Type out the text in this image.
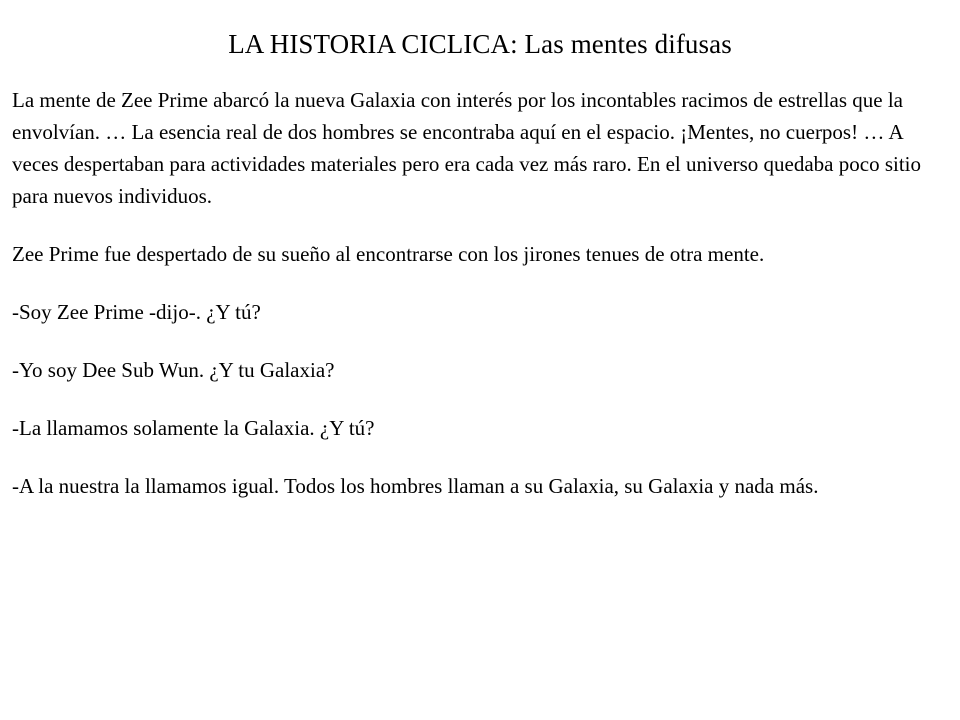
LA HISTORIA CICLICA: Las mentes difusas

La mente de Zee Prime abarcó la nueva Galaxia con interés por los incontables racimos de estrellas que la envolvían. … La esencia real de dos hombres se encontraba aquí en el espacio. ¡Mentes, no cuerpos! … A veces despertaban para actividades materiales pero era cada vez más raro. En el universo quedaba poco sitio para nuevos individuos.

Zee Prime fue despertado de su sueño al encontrarse con los jirones tenues de otra mente.

-Soy Zee Prime -dijo-. ¿Y tú?

-Yo soy Dee Sub Wun. ¿Y tu Galaxia?

-La llamamos solamente la Galaxia. ¿Y tú?

-A la nuestra la llamamos igual. Todos los hombres llaman a su Galaxia, su Galaxia y nada más.
